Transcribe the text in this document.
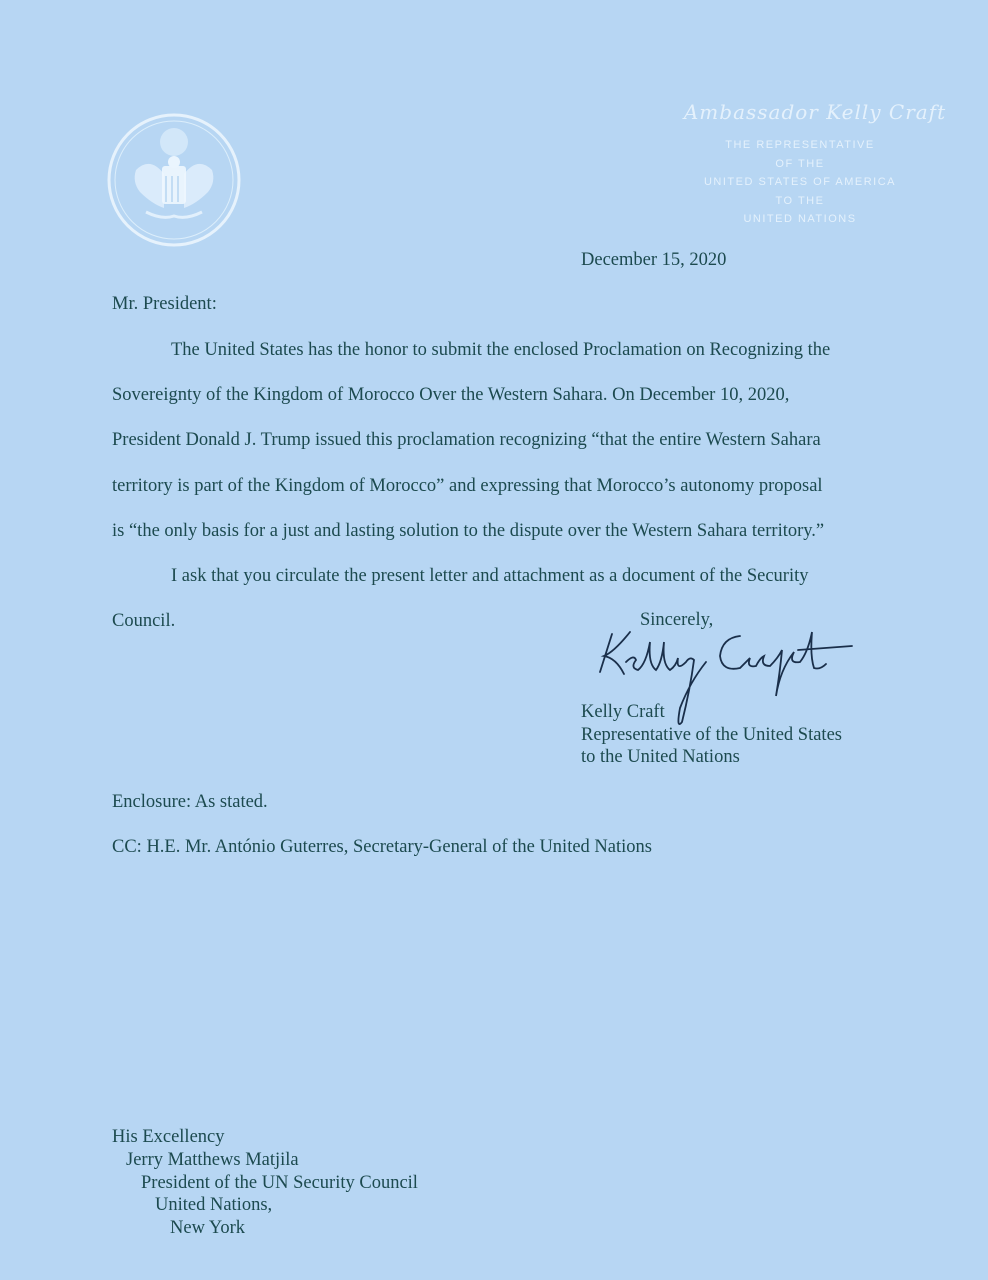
Ambassador Kelly Craft
THE REPRESENTATIVE
OF THE
UNITED STATES OF AMERICA
TO THE
UNITED NATIONS
December 15, 2020
Mr. President:
The United States has the honor to submit the enclosed Proclamation on Recognizing the
Sovereignty of the Kingdom of Morocco Over the Western Sahara. On December 10, 2020,
President Donald J. Trump issued this proclamation recognizing “that the entire Western Sahara
territory is part of the Kingdom of Morocco” and expressing that Morocco’s autonomy proposal
is “the only basis for a just and lasting solution to the dispute over the Western Sahara territory.”
I ask that you circulate the present letter and attachment as a document of the Security
Council.	Sincerely,
Kelly Craft
Representative of the United States
to the United Nations
Enclosure: As stated.
CC: H.E. Mr. António Guterres, Secretary-General of the United Nations
His Excellency
Jerry Matthews Matjila
President of the UN Security Council
United Nations,
New York
